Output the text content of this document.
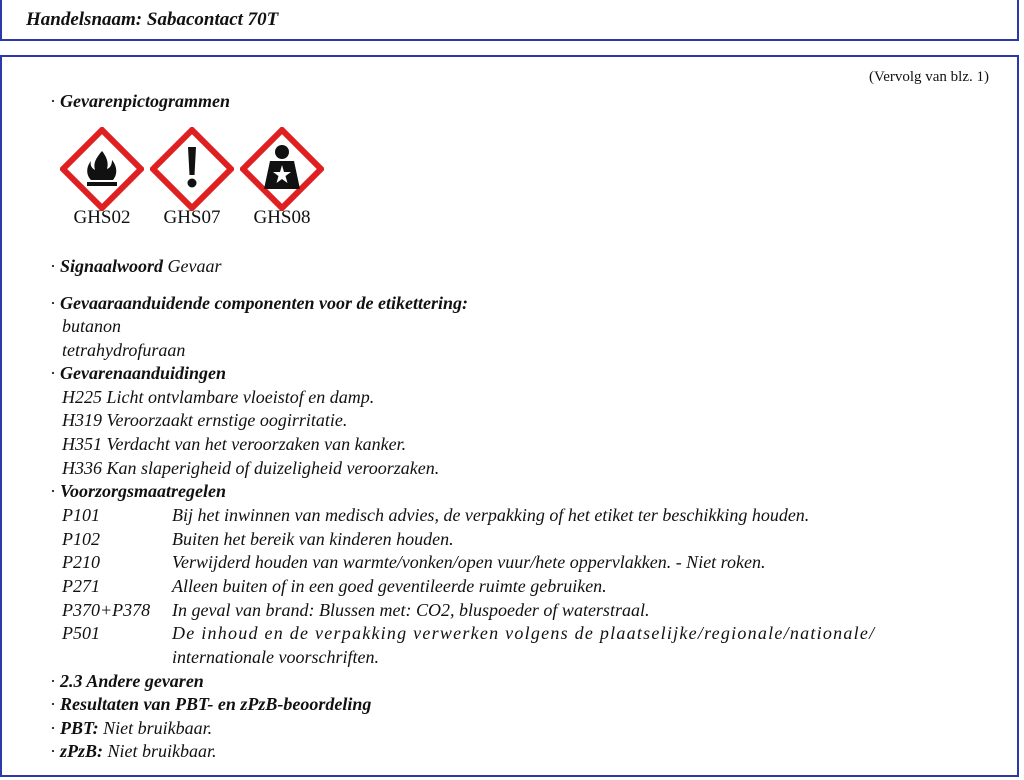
Handelsnaam: Sabacontact 70T
(Vervolg van blz. 1)
· Gevarenpictogrammen
GHS02	GHS07	GHS08
· Signaalwoord Gevaar
· Gevaaraanduidende componenten voor de etikettering:
butanon
tetrahydrofuraan
· Gevarenaanduidingen
H225 Licht ontvlambare vloeistof en damp.
H319 Veroorzaakt ernstige oogirritatie.
H351 Verdacht van het veroorzaken van kanker.
H336 Kan slaperigheid of duizeligheid veroorzaken.
· Voorzorgsmaatregelen
P101	Bij het inwinnen van medisch advies, de verpakking of het etiket ter beschikking houden.
P102	Buiten het bereik van kinderen houden.
P210	Verwijderd houden van warmte/vonken/open vuur/hete oppervlakken. - Niet roken.
P271	Alleen buiten of in een goed geventileerde ruimte gebruiken.
P370+P378 In geval van brand: Blussen met: CO2, bluspoeder of waterstraal.
P501	De inhoud en de verpakking verwerken volgens de plaatselijke/regionale/nationale/
internationale voorschriften.
· 2.3 Andere gevaren
· Resultaten van PBT- en zPzB-beoordeling
· PBT: Niet bruikbaar.
· zPzB: Niet bruikbaar.
